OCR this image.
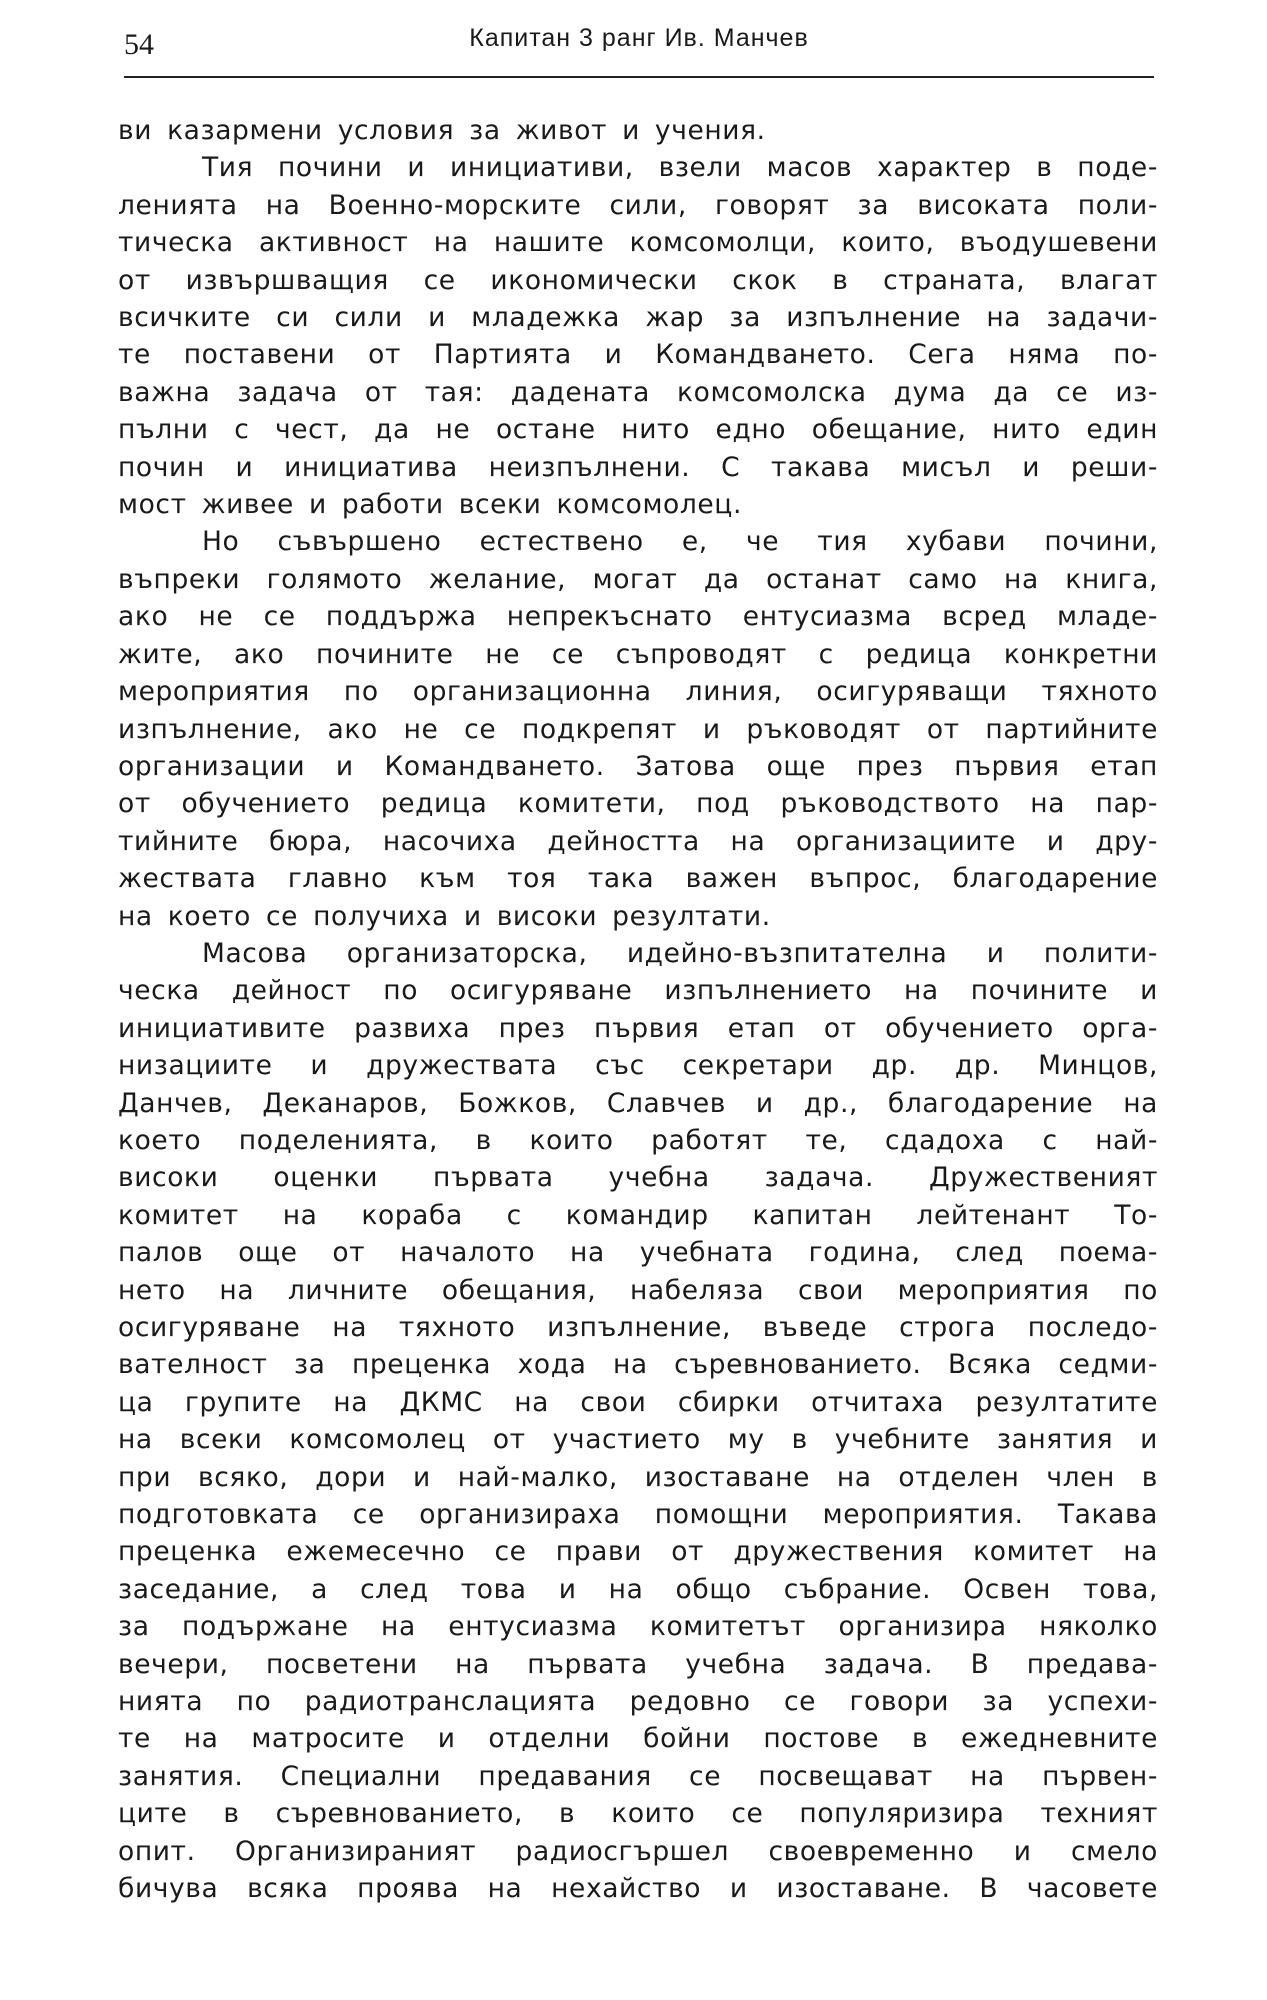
54	Капитан 3 ранг Ив. Манчев
ви казармени условия за живот и учения.
Тия почини и инициативи, взели масов характер в поде-
ленията на Военно-морските сили, говорят за високата поли-
тическа активност на нашите комсомолци, които, въодушевени
от извършващия се икономически скок в страната, влагат
всичките си сили и младежка жар за изпълнение на задачи-
те поставени от Партията и Командването. Сега няма по-
важна задача от тая: дадената комсомолска дума да се из-
пълни с чест, да не остане нито едно обещание, нито един
почин и инициатива неизпълнени. С такава мисъл и реши-
мост живее и работи всеки комсомолец.
Но съвършено естествено е, че тия хубави почини,
въпреки голямото желание, могат да останат само на книга,
ако не се поддържа непрекъснато ентусиазма всред младе-
жите, ако почините не се съпроводят с редица конкретни
мероприятия по организационна линия, осигуряващи тяхното
изпълнение, ако не се подкрепят и ръководят от партийните
организации и Командването. Затова още през първия етап
от обучението редица комитети, под ръководството на пар-
тийните бюра, насочиха дейността на организациите и дру-
жествата главно към тоя така важен въпрос, благодарение
на което се получиха и високи резултати.
Масова организаторска, идейно-възпитателна и полити-
ческа дейност по осигуряване изпълнението на почините и
инициативите развиха през първия етап от обучението орга-
низациите и дружествата със секретари др. др. Минцов,
Данчев, Деканаров, Божков, Славчев и др., благодарение на
което поделенията, в които работят те, сдадоха с най-
високи оценки първата учебна задача. Дружественият
комитет на кораба с командир капитан лейтенант То-
палов още от началото на учебната година, след поема-
нето на личните обещания, набеляза свои мероприятия по
осигуряване на тяхното изпълнение, въведе строга последо-
вателност за преценка хода на съревнованието. Всяка седми-
ца групите на ДКМС на свои сбирки отчитаха резултатите
на всеки комсомолец от участието му в учебните занятия и
при всяко, дори и най-малко, изоставане на отделен член в
подготовката се организираха помощни мероприятия. Такава
преценка ежемесечно се прави от дружествения комитет на
заседание, а след това и на общо събрание. Освен това,
за подържане на ентусиазма комитетът организира няколко
вечери, посветени на първата учебна задача. В предава-
нията по радиотранслацията редовно се говори за успехи-
те на матросите и отделни бойни постове в ежедневните
занятия. Специални предавания се посвещават на първен-
ците в съревнованието, в които се популяризира техният
опит. Организираният радиосгършел своевременно и смело
бичува всяка проява на нехайство и изоставане. В часовете
